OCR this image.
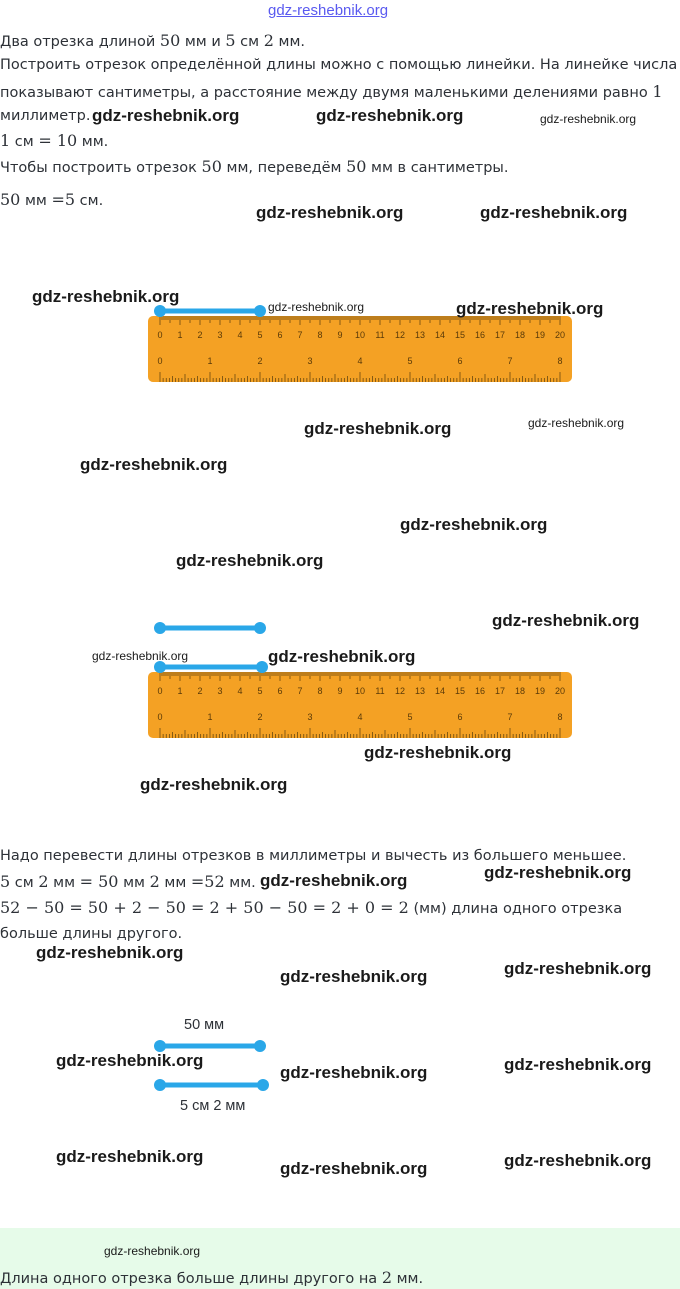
gdz-reshebnik.org
Два отрезка длиной 50 мм и 5 см 2 мм.
Построить отрезок определённой длины можно с помощью линейки. На линейке числа
показывают сантиметры, а расстояние между двумя маленькими делениями равно 1
миллиметр.
1 см = 10 мм.
Чтобы построить отрезок 50 мм, переведём 50 мм в сантиметры.
50 мм =5 см.
0 1 2 3 4 5 6 7 8 9 10 11 12 13 14 15 16 17 18 19 20
0	1	2	3	4	5	6	7	8
0 1 2 3 4 5 6 7 8 9 10 11 12 13 14 15 16 17 18 19 20
0	1	2	3	4	5	6	7	8
Надо перевести длины отрезков в миллиметры и вычесть из большего меньшее.
5 см 2 мм = 50 мм 2 мм =52 мм.
52 − 50 = 50 + 2 − 50 = 2 + 50 − 50 = 2 + 0 = 2 (мм) длина одного отрезка
больше длины другого.
50 мм
5 см 2 мм
Длина одного отрезка больше длины другого на 2 мм.
gdz-reshebnik.org	gdz-reshebnik.org	gdz-reshebnik.org
gdz-reshebnik.org	gdz-reshebnik.org
gdz-reshebnik.org
gdz-reshebnik.org	gdz-reshebnik.org
gdz-reshebnik.org	gdz-reshebnik.org
gdz-reshebnik.org
gdz-reshebnik.org
gdz-reshebnik.org
gdz-reshebnik.org
gdz-reshebnik.org	gdz-reshebnik.org
gdz-reshebnik.org
gdz-reshebnik.org
gdz-reshebnik.org	gdz-reshebnik.org
gdz-reshebnik.org
gdz-reshebnik.org	gdz-reshebnik.org
gdz-reshebnik.org
gdz-reshebnik.org	gdz-reshebnik.org
gdz-reshebnik.org
gdz-reshebnik.org	gdz-reshebnik.org
gdz-reshebnik.org
